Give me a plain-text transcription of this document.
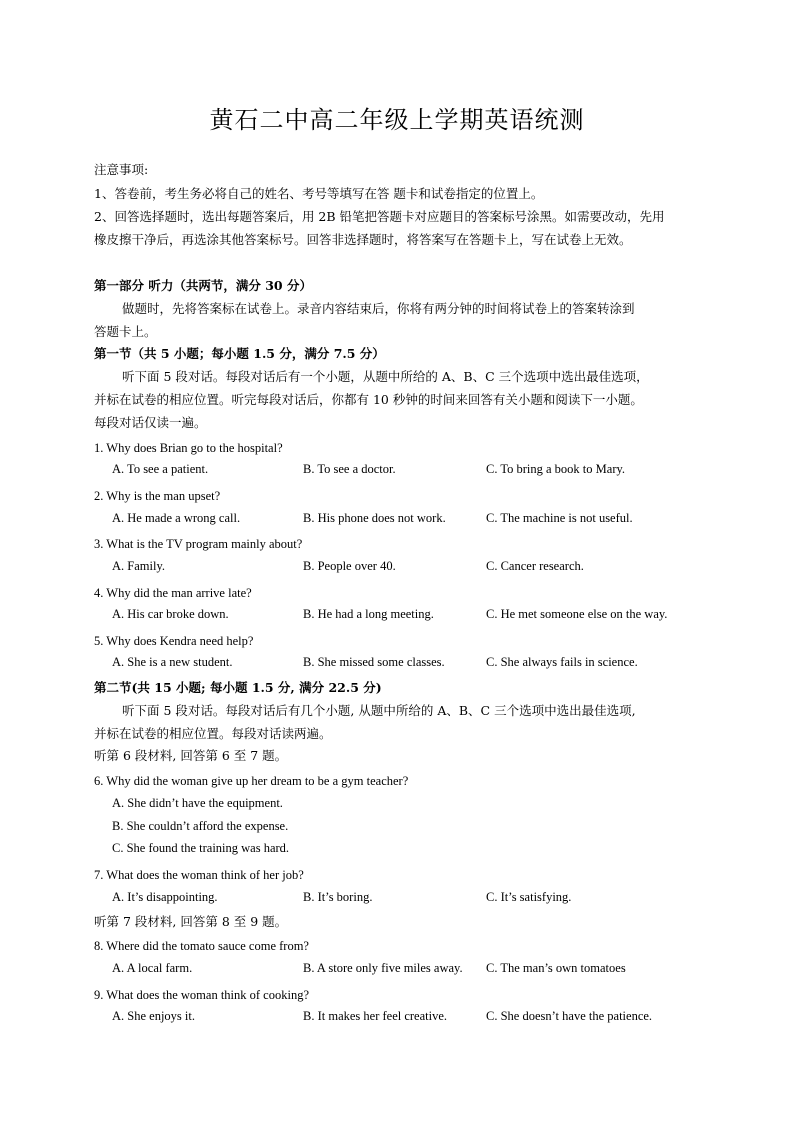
黄石二中高二年级上学期英语统测
注意事项:
1、答卷前，考生务必将自己的姓名、考号等填写在答 题卡和试卷指定的位置上。
2、回答选择题时，选出每题答案后，用 2B 铅笔把答题卡对应题目的答案标号涂黑。如需要改动，先用
橡皮擦干净后，再选涂其他答案标号。回答非选择题时，将答案写在答题卡上，写在试卷上无效。
第一部分 听力（共两节，满分 30 分）
做题时，先将答案标在试卷上。录音内容结束后，你将有两分钟的时间将试卷上的答案转涂到
答题卡上。
第一节（共 5 小题；每小题 1.5 分，满分 7.5 分）
听下面 5 段对话。每段对话后有一个小题，从题中所给的 A、B、C 三个选项中选出最佳选项，
并标在试卷的相应位置。听完每段对话后，你都有 10 秒钟的时间来回答有关小题和阅读下一小题。
每段对话仅读一遍。
1. Why does Brian go to the hospital?
A. To see a patient.	B. To see a doctor.	C. To bring a book to Mary.
2. Why is the man upset?
A. He made a wrong call.	B. His phone does not work.	C. The machine is not useful.
3. What is the TV program mainly about?
A. Family.	B. People over 40.	C. Cancer research.
4. Why did the man arrive late?
A. His car broke down.	B. He had a long meeting.	C. He met someone else on the way.
5. Why does Kendra need help?
A. She is a new student.	B. She missed some classes.	C. She always fails in science.
第二节(共 15 小题; 每小题 1.5 分, 满分 22.5 分)
听下面 5 段对话。每段对话后有几个小题, 从题中所给的 A、B、C 三个选项中选出最佳选项,
并标在试卷的相应位置。每段对话读两遍。
听第 6 段材料, 回答第 6 至 7 题。
6. Why did the woman give up her dream to be a gym teacher?
A. She didn’t have the equipment.
B. She couldn’t afford the expense.
C. She found the training was hard.
7. What does the woman think of her job?
A. It’s disappointing.	B. It’s boring.	C. It’s satisfying.
听第 7 段材料, 回答第 8 至 9 题。
8. Where did the tomato sauce come from?
A. A local farm.	B. A store only five miles away. C. The man’s own tomatoes
9. What does the woman think of cooking?
A. She enjoys it.	B. It makes her feel creative.	C. She doesn’t have the patience.
